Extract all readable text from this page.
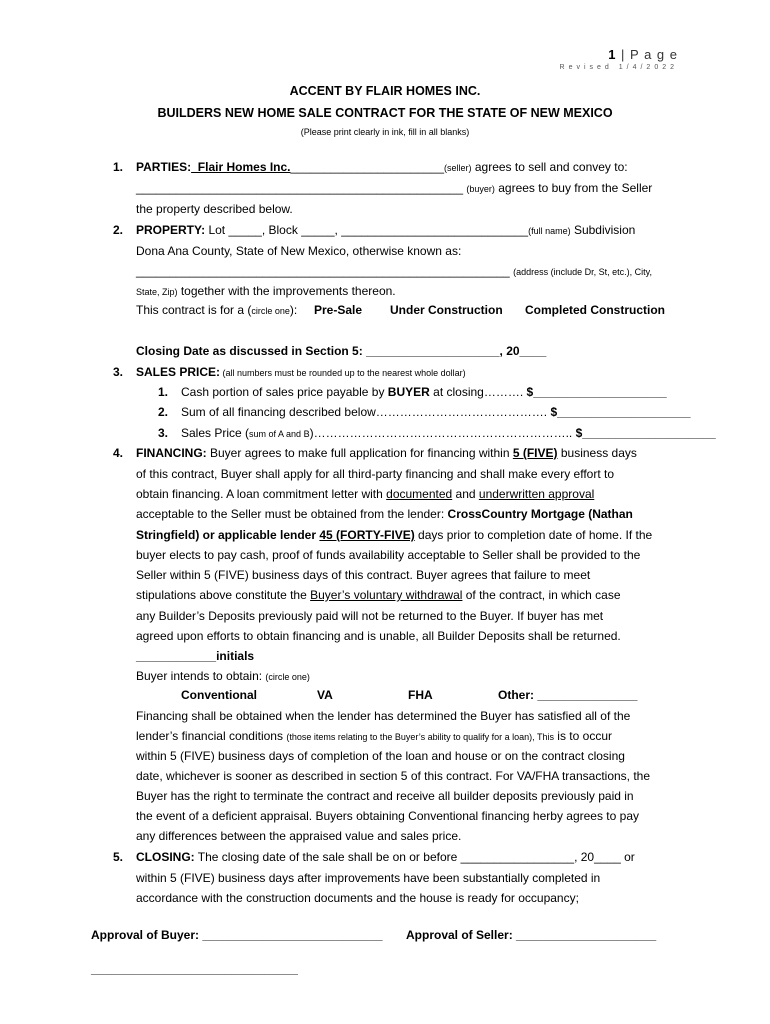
1 | P a g e
Revised 1/4/2022
ACCENT BY FLAIR HOMES INC.
BUILDERS NEW HOME SALE CONTRACT FOR THE STATE OF NEW MEXICO
(Please print clearly in ink, fill in all blanks)
1. PARTIES:_Flair Homes Inc._______________________(seller) agrees to sell and convey to:
_________________________________________________ (buyer) agrees to buy from the Seller
the property described below.
2. PROPERTY: Lot _____, Block _____, ____________________________(full name) Subdivision
Dona Ana County, State of New Mexico, otherwise known as:
________________________________________________________ (address (include Dr, St, etc.), City,
State, Zip) together with the improvements thereon.
This contract is for a (circle one): Pre-Sale Under Construction Completed Construction
Closing Date as discussed in Section 5: ____________________, 20____
3. SALES PRICE: (all numbers must be rounded up to the nearest whole dollar)
1. Cash portion of sales price payable by BUYER at closing………. $____________________
2. Sum of all financing described below……………………………………. $____________________
3. Sales Price (sum of A and B)……………………………………………………….. $____________________
4. FINANCING: Buyer agrees to make full application for financing within 5 (FIVE) business days
of this contract, Buyer shall apply for all third-party financing and shall make every effort to
obtain financing. A loan commitment letter with documented and underwritten approval
acceptable to the Seller must be obtained from the lender: CrossCountry Mortgage (Nathan
Stringfield) or applicable lender 45 (FORTY-FIVE) days prior to completion date of home. If the
buyer elects to pay cash, proof of funds availability acceptable to Seller shall be provided to the
Seller within 5 (FIVE) business days of this contract. Buyer agrees that failure to meet
stipulations above constitute the Buyer’s voluntary withdrawal of the contract, in which case
any Builder’s Deposits previously paid will not be returned to the Buyer. If buyer has met
agreed upon efforts to obtain financing and is unable, all Builder Deposits shall be returned.
____________initials
Buyer intends to obtain: (circle one)
Conventional	VA	FHA	Other: _______________
Financing shall be obtained when the lender has determined the Buyer has satisfied all of the
lender’s financial conditions (those items relating to the Buyer’s ability to qualify for a loan), This is to occur
within 5 (FIVE) business days of completion of the loan and house or on the contract closing
date, whichever is sooner as described in section 5 of this contract. For VA/FHA transactions, the
Buyer has the right to terminate the contract and receive all builder deposits previously paid in
the event of a deficient appraisal. Buyers obtaining Conventional financing herby agrees to pay
any differences between the appraised value and sales price.
5. CLOSING: The closing date of the sale shall be on or before _________________, 20____ or
within 5 (FIVE) business days after improvements have been substantially completed in
accordance with the construction documents and the house is ready for occupancy;
Approval of Buyer: ___________________________ Approval of Seller: _____________________
_______________________________
